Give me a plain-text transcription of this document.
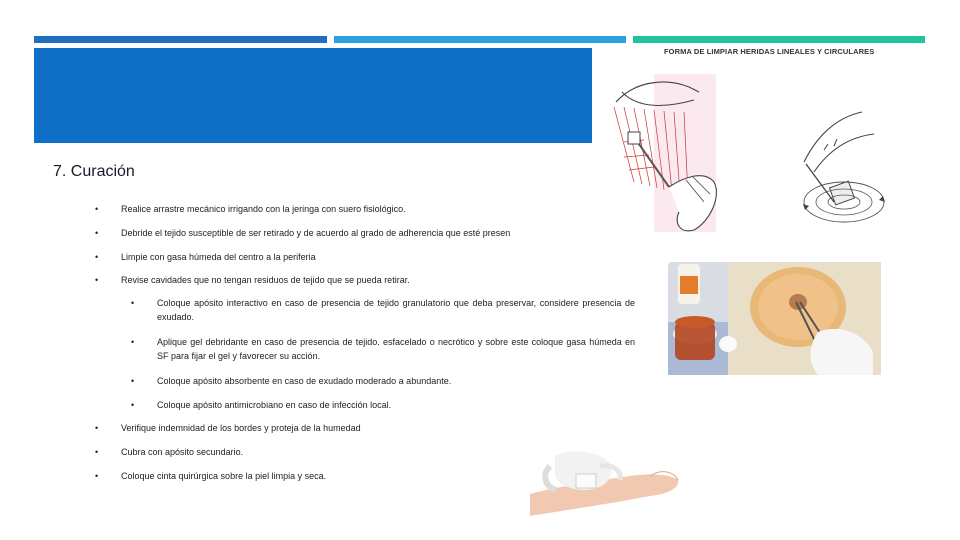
7. Curación
FORMA DE LIMPIAR HERIDAS LINEALES Y CIRCULARES
•	Realice arrastre mecánico irrigando con la jeringa con suero fisiológico.
•	Debride el tejido susceptible de ser retirado y de acuerdo al grado de adherencia que esté presen
•	Limpie con gasa húmeda del centro a la periferia
•	Revise cavidades que no tengan residuos de tejido que se pueda retirar.
•	Coloque apósito interactivo en caso de presencia de tejido granulatorio que deba preservar, considere presencia de exudado.
•	Aplique gel debridante en caso de presencia de tejido. esfacelado o necrótico y sobre este coloque gasa húmeda en SF para fijar el gel y favorecer su acción.
•	Coloque apósito absorbente en caso de exudado moderado a abundante.
•	Coloque apósito antimicrobiano en caso de infección local.
•	Verifique indemnidad de los bordes y proteja de la humedad
•	Cubra con apósito secundario.
•	Coloque cinta quirúrgica sobre la piel limpia y seca.
